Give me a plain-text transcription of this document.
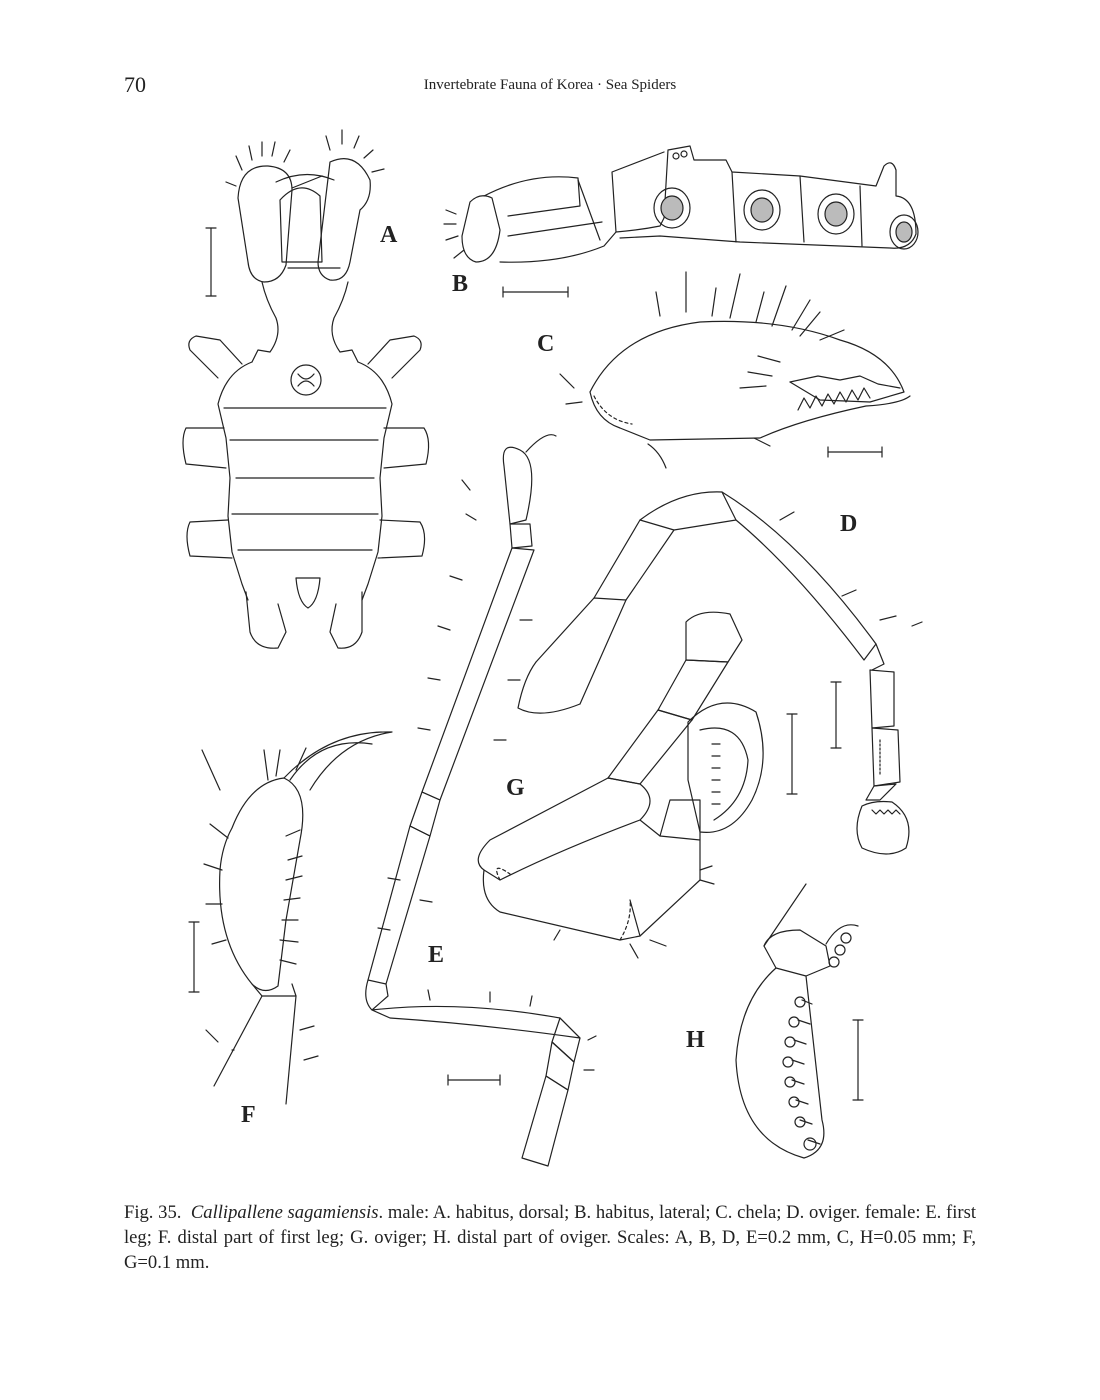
70	Invertebrate Fauna of Korea · Sea Spiders
A
B
C
D
E
F
G
H
Fig. 35. Callipallene sagamiensis. male: A. habitus, dorsal; B. habitus, lateral; C. chela; D. oviger. female: E. first leg; F. distal part of first leg; G. oviger; H. distal part of oviger. Scales: A, B, D, E=0.2 mm, C, H=0.05 mm; F, G=0.1 mm.
